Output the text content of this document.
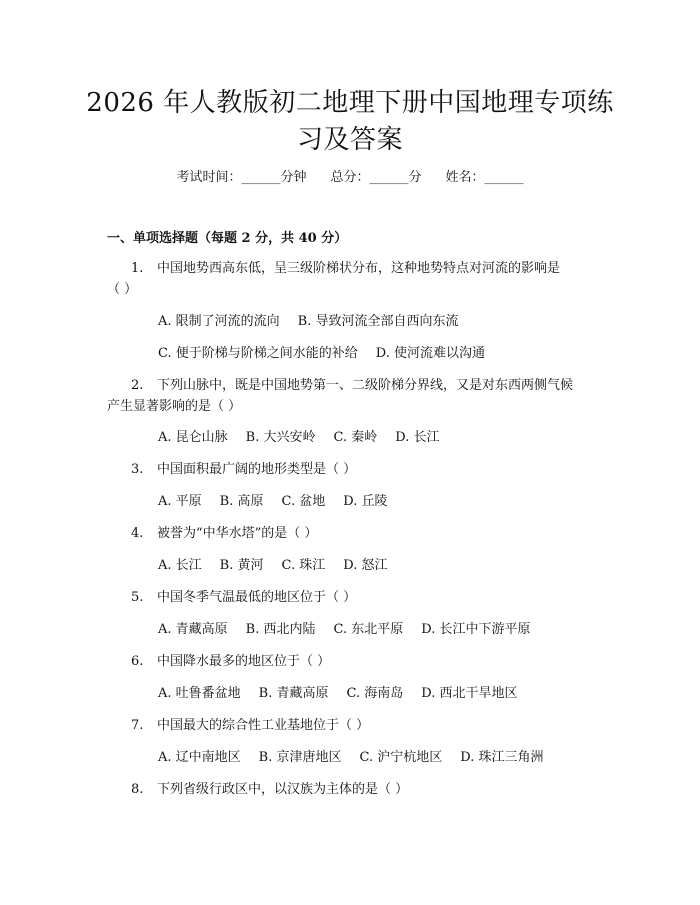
2026 年人教版初二地理下册中国地理专项练
习及答案
考试时间：______分钟 总分：______分 姓名：______
一、单项选择题（每题 2 分，共 40 分）
1. 中国地势西高东低，呈三级阶梯状分布，这种地势特点对河流的影响是
（ ）
A. 限制了河流的流向 B. 导致河流全部自西向东流
C. 便于阶梯与阶梯之间水能的补给 D. 使河流难以沟通
2. 下列山脉中，既是中国地势第一、二级阶梯分界线，又是对东西两侧气候
产生显著影响的是（ ）
A. 昆仑山脉 B. 大兴安岭 C. 秦岭 D. 长江
3. 中国面积最广阔的地形类型是（ ）
A. 平原 B. 高原 C. 盆地 D. 丘陵
4. 被誉为“中华水塔”的是（ ）
A. 长江 B. 黄河 C. 珠江 D. 怒江
5. 中国冬季气温最低的地区位于（ ）
A. 青藏高原 B. 西北内陆 C. 东北平原 D. 长江中下游平原
6. 中国降水最多的地区位于（ ）
A. 吐鲁番盆地 B. 青藏高原 C. 海南岛 D. 西北干旱地区
7. 中国最大的综合性工业基地位于（ ）
A. 辽中南地区 B. 京津唐地区 C. 沪宁杭地区 D. 珠江三角洲
8. 下列省级行政区中，以汉族为主体的是（ ）
